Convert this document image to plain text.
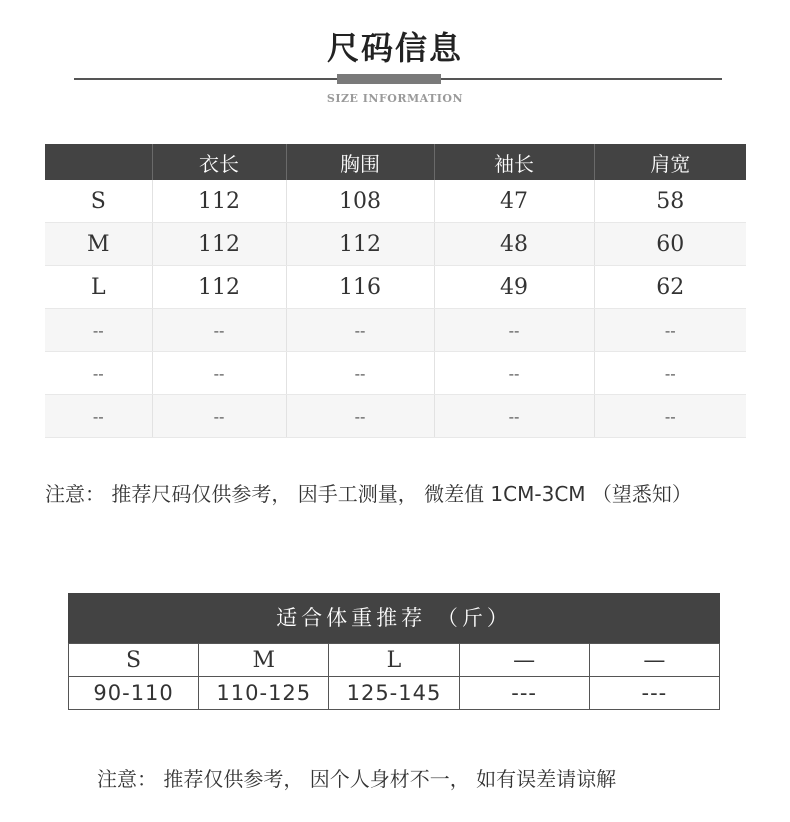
尺码信息
SIZE INFORMATION
	衣长	胸围	袖长	肩宽
S	112	108	47	58
M	112	112	48	60
L	112	116	49	62
--	--	--	--	--
--	--	--	--	--
--	--	--	--	--
注意： 推荐尺码仅供参考， 因手工测量， 微差值 1CM-3CM （望悉知）
适合体重推荐 （斤）
S	M	L	—	—
90-110	110-125	125-145	---	---
注意： 推荐仅供参考， 因个人身材不一， 如有误差请谅解
